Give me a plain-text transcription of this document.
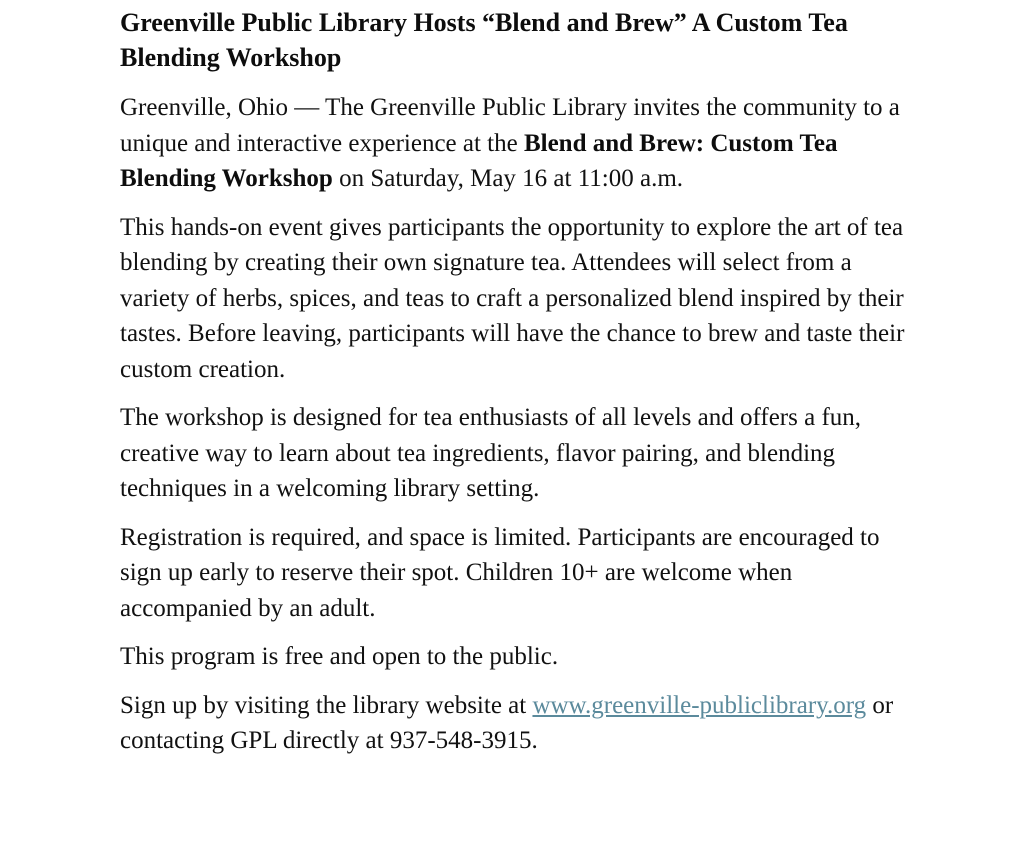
Greenville Public Library Hosts “Blend and Brew” A Custom Tea Blending Workshop

Greenville, Ohio — The Greenville Public Library invites the community to a unique and interactive experience at the Blend and Brew: Custom Tea Blending Workshop on Saturday, May 16 at 11:00 a.m.

This hands-on event gives participants the opportunity to explore the art of tea blending by creating their own signature tea. Attendees will select from a variety of herbs, spices, and teas to craft a personalized blend inspired by their tastes. Before leaving, participants will have the chance to brew and taste their custom creation.

The workshop is designed for tea enthusiasts of all levels and offers a fun, creative way to learn about tea ingredients, flavor pairing, and blending techniques in a welcoming library setting.

Registration is required, and space is limited. Participants are encouraged to sign up early to reserve their spot. Children 10+ are welcome when accompanied by an adult.

This program is free and open to the public.

Sign up by visiting the library website at www.greenville-publiclibrary.org or contacting GPL directly at 937-548-3915.
